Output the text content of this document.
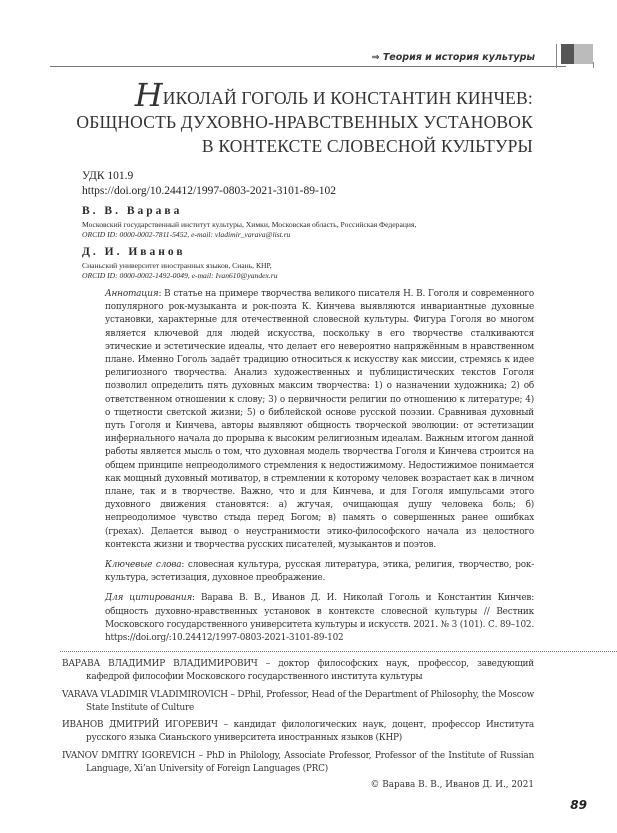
⇒ Теория и история культуры
НИКОЛАЙ ГОГОЛЬ И КОНСТАНТИН КИНЧЕВ:
ОБЩНОСТЬ ДУХОВНО-НРАВСТВЕННЫХ УСТАНОВОК
В КОНТЕКСТЕ СЛОВЕСНОЙ КУЛЬТУРЫ
УДК 101.9
https://doi.org/10.24412/1997-0803-2021-3101-89-102
В. В. Варава
Московский государственный институт культуры, Химки, Московская область, Российская Федерация,
ORCID ID: 0000-0002-7811-5452, e-mail: vladimir_varava@list.ru
Д. И. Иванов
Сианьский университет иностранных языков, Сиань, КНР,
ORCID ID: 0000-0002-1492-0049, e-mail: Ivan610@yandex.ru
Аннотация: В статье на примере творчества великого писателя Н. В. Гоголя и современного популярного рок-музыканта и рок-поэта К. Кинчева выявляются инвариантные духовные установки, характерные для отечественной словесной культуры. Фигура Гоголя во многом является ключевой для людей искусства, поскольку в его творчестве сталкиваются этические и эстетические идеалы, что делает его невероятно напряжённым в нравственном плане. Именно Гоголь задаёт традицию относиться к искусству как миссии, стремясь к идее религиозного творчества. Анализ художественных и публицистических текстов Гоголя позволил определить пять духовных максим творчества: 1) о назначении художника; 2) об ответственном отношении к слову; 3) о первичности религии по отношению к литературе; 4) о тщетности светской жизни; 5) о библейской основе русской поэзии. Сравнивая духовный путь Гоголя и Кинчева, авторы выявляют общность творческой эволюции: от эстетизации инфернального начала до прорыва к высоким религиозным идеалам. Важным итогом данной работы является мысль о том, что духовная модель творчества Гоголя и Кинчева строится на общем принципе непреодолимого стремления к недостижимому. Недостижимое понимается как мощный духовный мотиватор, в стремлении к которому человек возрастает как в личном плане, так и в творчестве. Важно, что и для Кинчева, и для Гоголя импульсами этого духовного движения становятся: а) жгучая, очищающая душу человека боль; б) непреодолимое чувство стыда перед Богом; в) память о совершенных ранее ошибках (грехах). Делается вывод о неустранимости этико-философского начала из целостного контекста жизни и творчества русских писателей, музыкантов и поэтов.
Ключевые слова: словесная культура, русская литература, этика, религия, творчество, рок-культура, эстетизация, духовное преображение.
Для цитирования: Варава В. В., Иванов Д. И. Николай Гоголь и Константин Кинчев: общность духовно-нравственных установок в контексте словесной культуры // Вестник Московского государственного университета культуры и искусств. 2021. № 3 (101). С. 89–102. https://doi.org/:10.24412/1997-0803-2021-3101-89-102
ВАРАВА ВЛАДИМИР ВЛАДИМИРОВИЧ – доктор философских наук, профессор, заведующий кафедрой философии Московского государственного института культуры
VARAVA VLADIMIR VLADIMIROVICH – DPhil, Professor, Head of the Department of Philosophy, the Moscow State Institute of Culture
ИВАНОВ ДМИТРИЙ ИГОРЕВИЧ – кандидат филологических наук, доцент, профессор Института русского языка Сианьского университета иностранных языков (КНР)
IVANOV DMITRY IGOREVICH – PhD in Philology, Associate Professor, Professor of the Institute of Russian Language, Xi’an University of Foreign Languages (PRC)
© Варава В. В., Иванов Д. И., 2021
89
